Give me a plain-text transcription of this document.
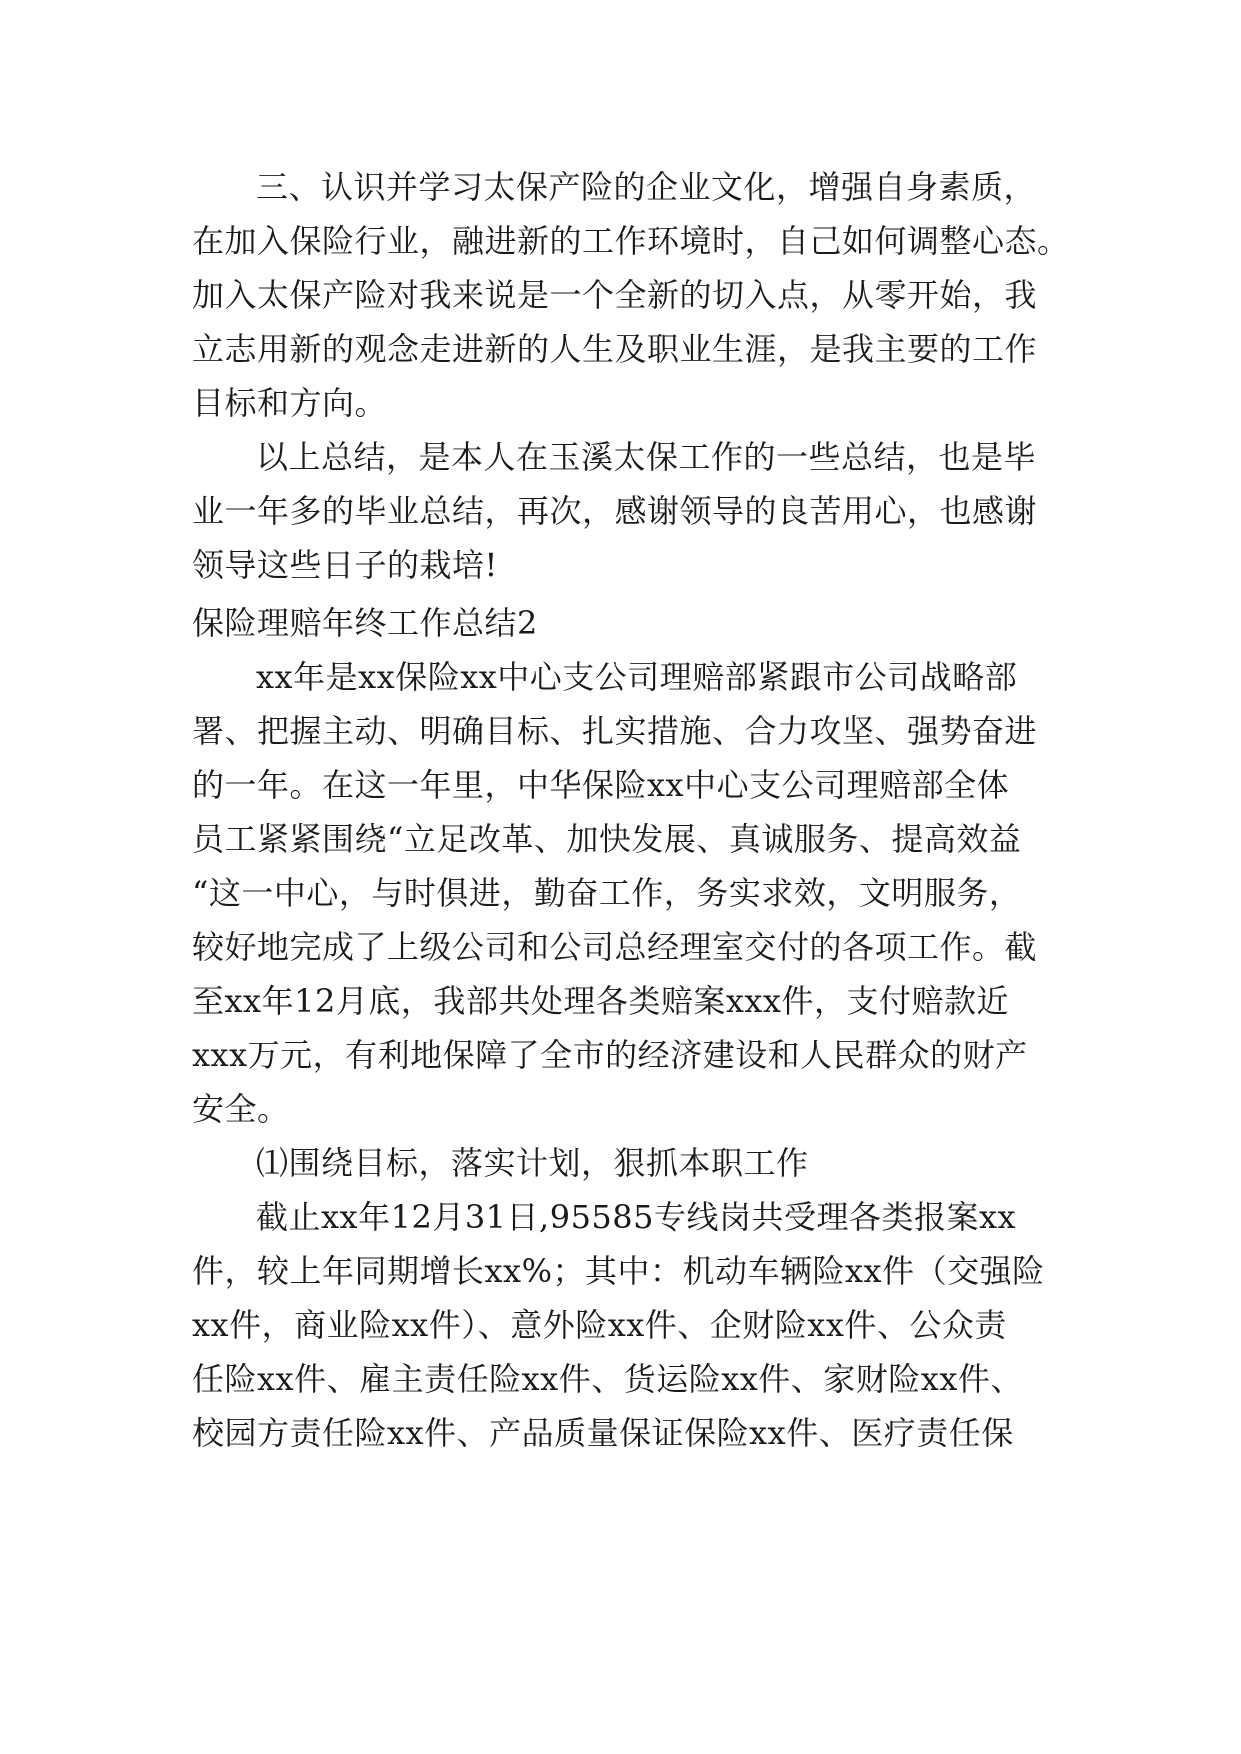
三、认识并学习太保产险的企业文化，增强自身素质，
在加入保险行业，融进新的工作环境时，自己如何调整心态。
加入太保产险对我来说是一个全新的切入点，从零开始，我
立志用新的观念走进新的人生及职业生涯，是我主要的工作
目标和方向。
以上总结，是本人在玉溪太保工作的一些总结，也是毕
业一年多的毕业总结，再次，感谢领导的良苦用心，也感谢
领导这些日子的栽培!
保险理赔年终工作总结2
xx年是xx保险xx中心支公司理赔部紧跟市公司战略部
署、把握主动、明确目标、扎实措施、合力攻坚、强势奋进
的一年。在这一年里，中华保险xx中心支公司理赔部全体
员工紧紧围绕“立足改革、加快发展、真诚服务、提高效益
“这一中心，与时俱进，勤奋工作，务实求效，文明服务，
较好地完成了上级公司和公司总经理室交付的各项工作。截
至xx年12月底，我部共处理各类赔案xxx件，支付赔款近
xxx万元，有利地保障了全市的经济建设和人民群众的财产
安全。
⑴围绕目标，落实计划，狠抓本职工作
截止xx年12月31日,95585专线岗共受理各类报案xx
件，较上年同期增长xx%；其中：机动车辆险xx件（交强险
xx件，商业险xx件）、意外险xx件、企财险xx件、公众责
任险xx件、雇主责任险xx件、货运险xx件、家财险xx件、
校园方责任险xx件、产品质量保证保险xx件、医疗责任保
